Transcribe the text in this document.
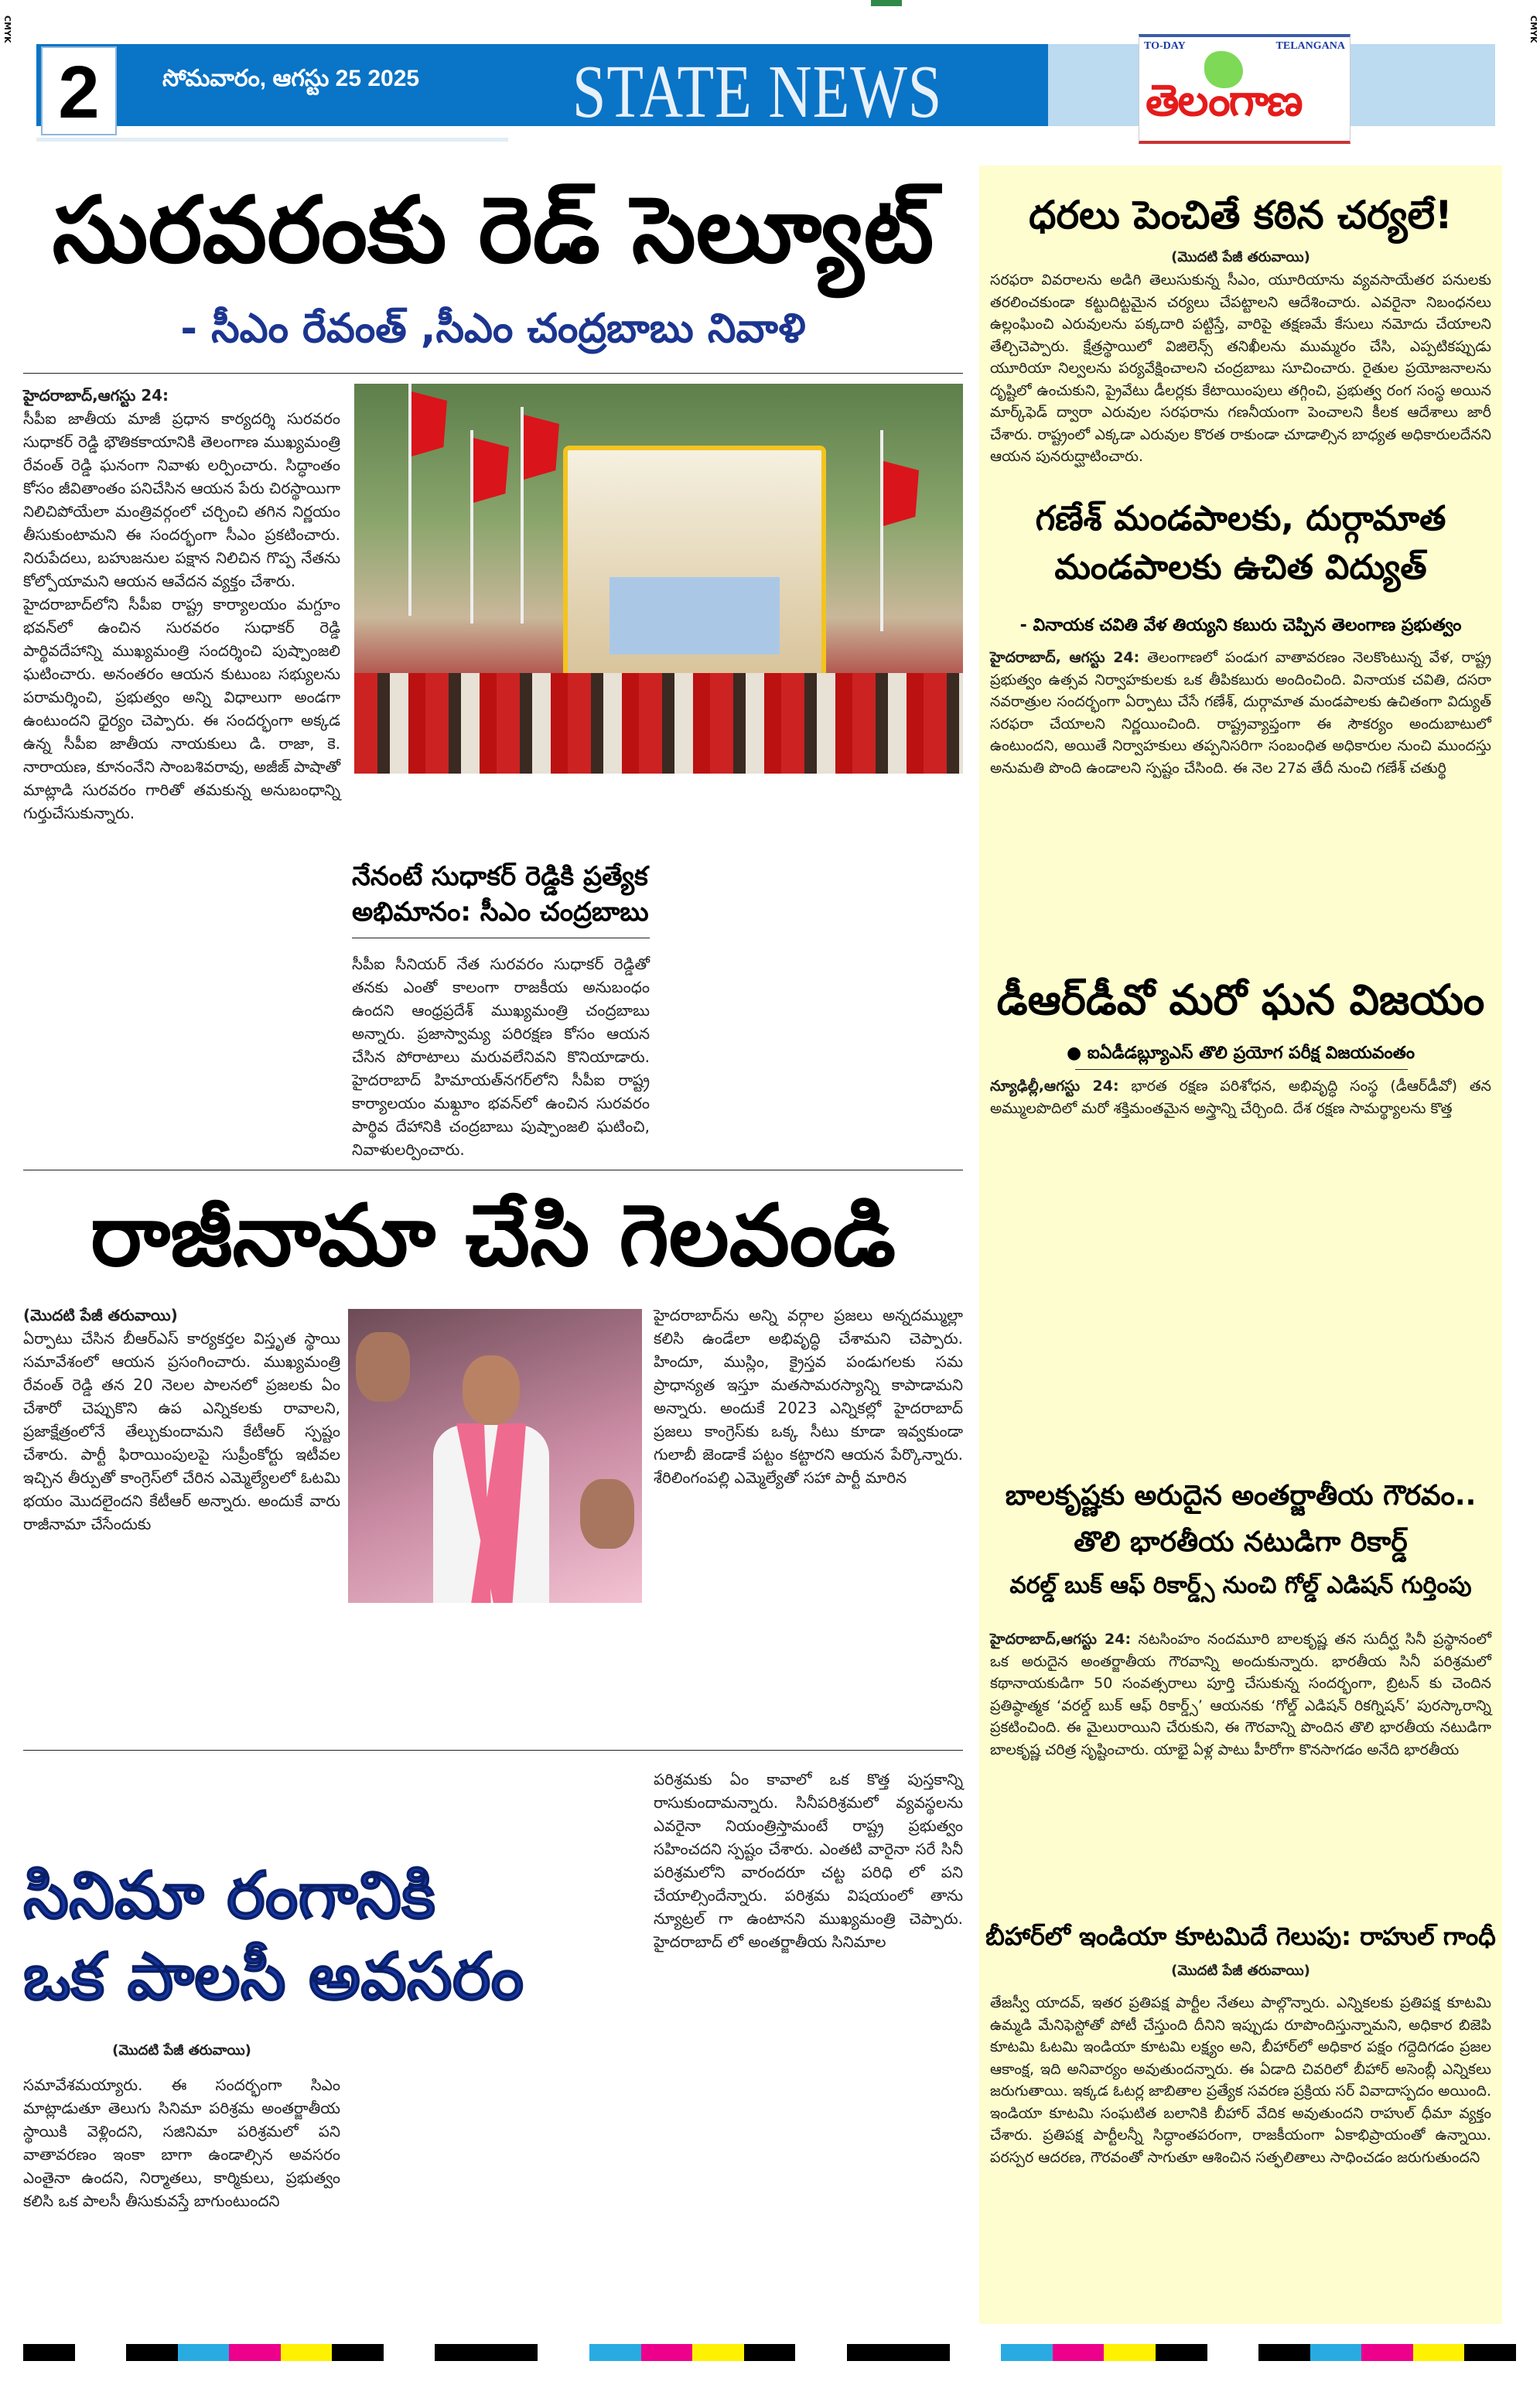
CMYK	CMYK
2	సోమవారం, ఆగస్టు 25 2025	STATE NEWS
TO-DAY	TELANGANA
తెలంగాణ
సురవరంకు రెడ్ సెల్యూట్
- సీఎం రేవంత్ ,సీఎం చంద్రబాబు నివాళి
హైదరాబాద్,ఆగస్టు 24:

సీపీఐ జాతీయ మాజీ ప్రధాన కార్యదర్శి సురవరం సుధాకర్ రెడ్డి భౌతికకాయానికి తెలంగాణ ముఖ్యమంత్రి రేవంత్ రెడ్డి ఘనంగా నివాళు లర్పించారు. సిద్ధాంతం కోసం జీవితాంతం పనిచేసిన ఆయన పేరు చిరస్థాయిగా నిలిచిపోయేలా మంత్రివర్గంలో చర్చించి తగిన నిర్ణయం తీసుకుంటామని ఈ సందర్భంగా సీఎం ప్రకటించారు. నిరుపేదలు, బహుజనుల పక్షాన నిలిచిన గొప్ప నేతను కోల్పోయామని ఆయన ఆవేదన వ్యక్తం చేశారు.

హైదరాబాద్‌లోని సీపీఐ రాష్ట్ర కార్యాలయం మగ్దూం భవన్‌లో ఉంచిన సురవరం సుధాకర్ రెడ్డి పార్థివదేహాన్ని ముఖ్యమంత్రి సందర్శించి పుష్పాంజలి ఘటించారు. అనంతరం ఆయన కుటుంబ సభ్యులను పరామర్శించి, ప్రభుత్వం అన్ని విధాలుగా అండగా ఉంటుందని ధైర్యం చెప్పారు. ఈ సందర్భంగా అక్కడ ఉన్న సీపీఐ జాతీయ నాయకులు డి. రాజా, కె. నారాయణ, కూనంనేని సాంబశివరావు, అజీజ్ పాషాతో మాట్లాడి సురవరం గారితో తమకున్న అనుబంధాన్ని గుర్తుచేసుకున్నారు.

నేనంటే సుధాకర్ రెడ్డికి ప్రత్యేక అభిమానం: సీఎం చంద్రబాబు

సీపీఐ సీనియర్ నేత సురవరం సుధాకర్ రెడ్డితో తనకు ఎంతో కాలంగా రాజకీయ అనుబంధం ఉందని ఆంధ్రప్రదేశ్ ముఖ్యమంత్రి చంద్రబాబు అన్నారు. ప్రజాస్వామ్య పరిరక్షణ కోసం ఆయన చేసిన పోరాటాలు మరువలేనివని కొనియాడారు. హైదరాబాద్ హిమాయత్‌నగర్‌లోని సీపీఐ రాష్ట్ర కార్యాలయం మఖ్దూం భవన్‌లో ఉంచిన సురవరం పార్థివ దేహానికి చంద్రబాబు పుష్పాంజలి ఘటించి, నివాళులర్పించారు.

రాజీనామా చేసి గెలవండి
(మొదటి పేజీ తరువాయి)

ఏర్పాటు చేసిన బీఆర్ఎస్ కార్యకర్తల విస్తృత స్థాయి సమావేశంలో ఆయన ప్రసంగించారు. ముఖ్యమంత్రి రేవంత్ రెడ్డి తన 20 నెలల పాలనలో ప్రజలకు ఏం చేశారో చెప్పుకొని ఉప ఎన్నికలకు రావాలని, ప్రజాక్షేత్రంలోనే తేల్చుకుందామని కేటీఆర్ స్పష్టం చేశారు. పార్టీ ఫిరాయింపులపై సుప్రీంకోర్టు ఇటీవల ఇచ్చిన తీర్పుతో కాంగ్రెస్‌లో చేరిన ఎమ్మెల్యేలలో ఓటమి భయం మొదలైందని కేటీఆర్ అన్నారు. అందుకే వారు రాజీనామా చేసేందుకు

హైదరాబాద్‌ను అన్ని వర్గాల ప్రజలు అన్నదమ్ముల్లా కలిసి ఉండేలా అభివృద్ధి చేశామని చెప్పారు. హిందూ, ముస్లిం, క్రైస్తవ పండుగలకు సమ ప్రాధాన్యత ఇస్తూ మతసామరస్యాన్ని కాపాడామని అన్నారు. అందుకే 2023 ఎన్నికల్లో హైదరాబాద్ ప్రజలు కాంగ్రెస్‌కు ఒక్క సీటు కూడా ఇవ్వకుండా గులాబీ జెండాకే పట్టం కట్టారని ఆయన పేర్కొన్నారు. శేరిలింగంపల్లి ఎమ్మెల్యేతో సహా పార్టీ మారిన

సినిమా రంగానికి
ఒక పాలసీ అవసరం
(మొదటి పేజీ తరువాయి)

సమావేశమయ్యారు. ఈ సందర్భంగా సిఎం మాట్లాడుతూ తెలుగు సినిమా పరిశ్రమ అంతర్జాతీయ స్థాయికి వెళ్లిందని, సజినిమా పరిశ్రమలో పని వాతావరణం ఇంకా బాగా ఉండాల్సిన అవసరం ఎంతైనా ఉందని, నిర్మాతలు, కార్మికులు, ప్రభుత్వం కలిసి ఒక పాలసీ తీసుకువస్తే బాగుంటుందని

పరిశ్రమకు ఏం కావాలో ఒక కొత్త పుస్తకాన్ని రాసుకుందామన్నారు. సినీపరిశ్రమలో వ్యవస్థలను ఎవరైనా నియంత్రిస్తామంటే రాష్ట్ర ప్రభుత్వం సహించదని స్పష్టం చేశారు. ఎంతటి వారైనా సరే సినీ పరిశ్రమలోని వారందరూ చట్ట పరిధి లో పని చేయాల్సిందేన్నారు. పరిశ్రమ విషయంలో తాను న్యూట్రల్ గా ఉంటానని ముఖ్యమంత్రి చెప్పారు. హైదరాబాద్ లో అంతర్జాతీయ సినిమాల

ధరలు పెంచితే కఠిన చర్యలే!
(మొదటి పేజీ తరువాయి)
సరఫరా వివరాలను అడిగి తెలుసుకున్న సీఎం, యూరియాను వ్యవసాయేతర పనులకు తరలించకుండా కట్టుదిట్టమైన చర్యలు చేపట్టాలని ఆదేశించారు. ఎవరైనా నిబంధనలు ఉల్లంఘించి ఎరువులను పక్కదారి పట్టిస్తే, వారిపై తక్షణమే కేసులు నమోదు చేయాలని తేల్చిచెప్పారు. క్షేత్రస్థాయిలో విజిలెన్స్ తనిఖీలను ముమ్మరం చేసి, ఎప్పటికప్పుడు యూరియా నిల్వలను పర్యవేక్షించాలని చంద్రబాబు సూచించారు. రైతుల ప్రయోజనాలను దృష్టిలో ఉంచుకుని, ప్రైవేటు డీలర్లకు కేటాయింపులు తగ్గించి, ప్రభుత్వ రంగ సంస్థ అయిన మార్క్‌ఫెడ్ ద్వారా ఎరువుల సరఫరాను గణనీయంగా పెంచాలని కీలక ఆదేశాలు జారీ చేశారు. రాష్ట్రంలో ఎక్కడా ఎరువుల కొరత రాకుండా చూడాల్సిన బాధ్యత అధికారులదేనని ఆయన పునరుద్ఘాటించారు.
గణేశ్ మండపాలకు, దుర్గామాత
మండపాలకు ఉచిత విద్యుత్
- వినాయక చవితి వేళ తియ్యని కబురు చెప్పిన తెలంగాణ ప్రభుత్వం
హైదరాబాద్, ఆగస్టు 24: తెలంగాణలో పండుగ వాతావరణం నెలకొంటున్న వేళ, రాష్ట్ర ప్రభుత్వం ఉత్సవ నిర్వాహకులకు ఒక తీపికబురు అందించింది. వినాయక చవితి, దసరా నవరాత్రుల సందర్భంగా ఏర్పాటు చేసే గణేశ్, దుర్గామాత మండపాలకు ఉచితంగా విద్యుత్ సరఫరా చేయాలని నిర్ణయించింది. రాష్ట్రవ్యాప్తంగా ఈ సౌకర్యం అందుబాటులో ఉంటుందని, అయితే నిర్వాహకులు తప్పనిసరిగా సంబంధిత అధికారుల నుంచి ముందస్తు అనుమతి పొంది ఉండాలని స్పష్టం చేసింది. ఈ నెల 27వ తేదీ నుంచి గణేశ్ చతుర్థి
డీఆర్‌డీవో మరో ఘన విజయం
● ఐఏడీడబ్ల్యూఎస్ తొలి ప్రయోగ పరీక్ష విజయవంతం
న్యూఢిల్లీ,ఆగస్టు 24: భారత రక్షణ పరిశోధన, అభివృద్ధి సంస్థ (డీఆర్‌డీవో) తన అమ్ములపొదిలో మరో శక్తిమంతమైన అస్త్రాన్ని చేర్చింది. దేశ రక్షణ సామర్థ్యాలను కొత్త
బాలకృష్ణకు అరుదైన అంతర్జాతీయ గౌరవం..
తొలి భారతీయ నటుడిగా రికార్డ్
వరల్డ్ బుక్ ఆఫ్ రికార్డ్స్ నుంచి గోల్డ్ ఎడిషన్ గుర్తింపు
హైదరాబాద్,ఆగస్టు 24: నటసింహం నందమూరి బాలకృష్ణ తన సుదీర్ఘ సినీ ప్రస్థానంలో ఒక అరుదైన అంతర్జాతీయ గౌరవాన్ని అందుకున్నారు. భారతీయ సినీ పరిశ్రమలో కథానాయకుడిగా 50 సంవత్సరాలు పూర్తి చేసుకున్న సందర్భంగా, బ్రిటన్ కు చెందిన ప్రతిష్ఠాత్మక ‘వరల్డ్ బుక్ ఆఫ్ రికార్డ్స్’ ఆయనకు ‘గోల్డ్ ఎడిషన్ రికగ్నిషన్’ పురస్కారాన్ని ప్రకటించింది. ఈ మైలురాయిని చేరుకుని, ఈ గౌరవాన్ని పొందిన తొలి భారతీయ నటుడిగా బాలకృష్ణ చరిత్ర సృష్టించారు. యాభై ఏళ్ల పాటు హీరోగా కొనసాగడం అనేది భారతీయ
బీహార్‌లో ఇండియా కూటమిదే గెలుపు: రాహుల్ గాంధీ
(మొదటి పేజీ తరువాయి)
తేజస్వీ యాదవ్, ఇతర ప్రతిపక్ష పార్టీల నేతలు పాల్గొన్నారు. ఎన్నికలకు ప్రతిపక్ష కూటమి ఉమ్మడి మేనిఫెస్టోతో పోటీ చేస్తుంది దీనిని ఇప్పుడు రూపొందిస్తున్నామని, అధికార బిజెపి కూటమి ఓటమి ఇండియా కూటమి లక్ష్యం అని, బీహార్‌లో అధికార పక్షం గద్దెదిగడం ప్రజల ఆకాంక్ష, ఇది అనివార్యం అవుతుందన్నారు. ఈ ఏడాది చివరిలో బీహార్ అసెంబ్లీ ఎన్నికలు జరుగుతాయి. ఇక్కడ ఓటర్ల జాబితాల ప్రత్యేక సవరణ ప్రక్రియ సర్ వివాదాస్పదం అయింది. ఇండియా కూటమి సంఘటిత బలానికి బీహార్ వేదిక అవుతుందని రాహుల్ ధీమా వ్యక్తం చేశారు. ప్రతిపక్ష పార్టీలన్నీ సిద్ధాంతపరంగా, రాజకీయంగా ఏకాభిప్రాయంతో ఉన్నాయి. పరస్పర ఆదరణ, గౌరవంతో సాగుతూ ఆశించిన సత్ఫలితాలు సాధించడం జరుగుతుందని
